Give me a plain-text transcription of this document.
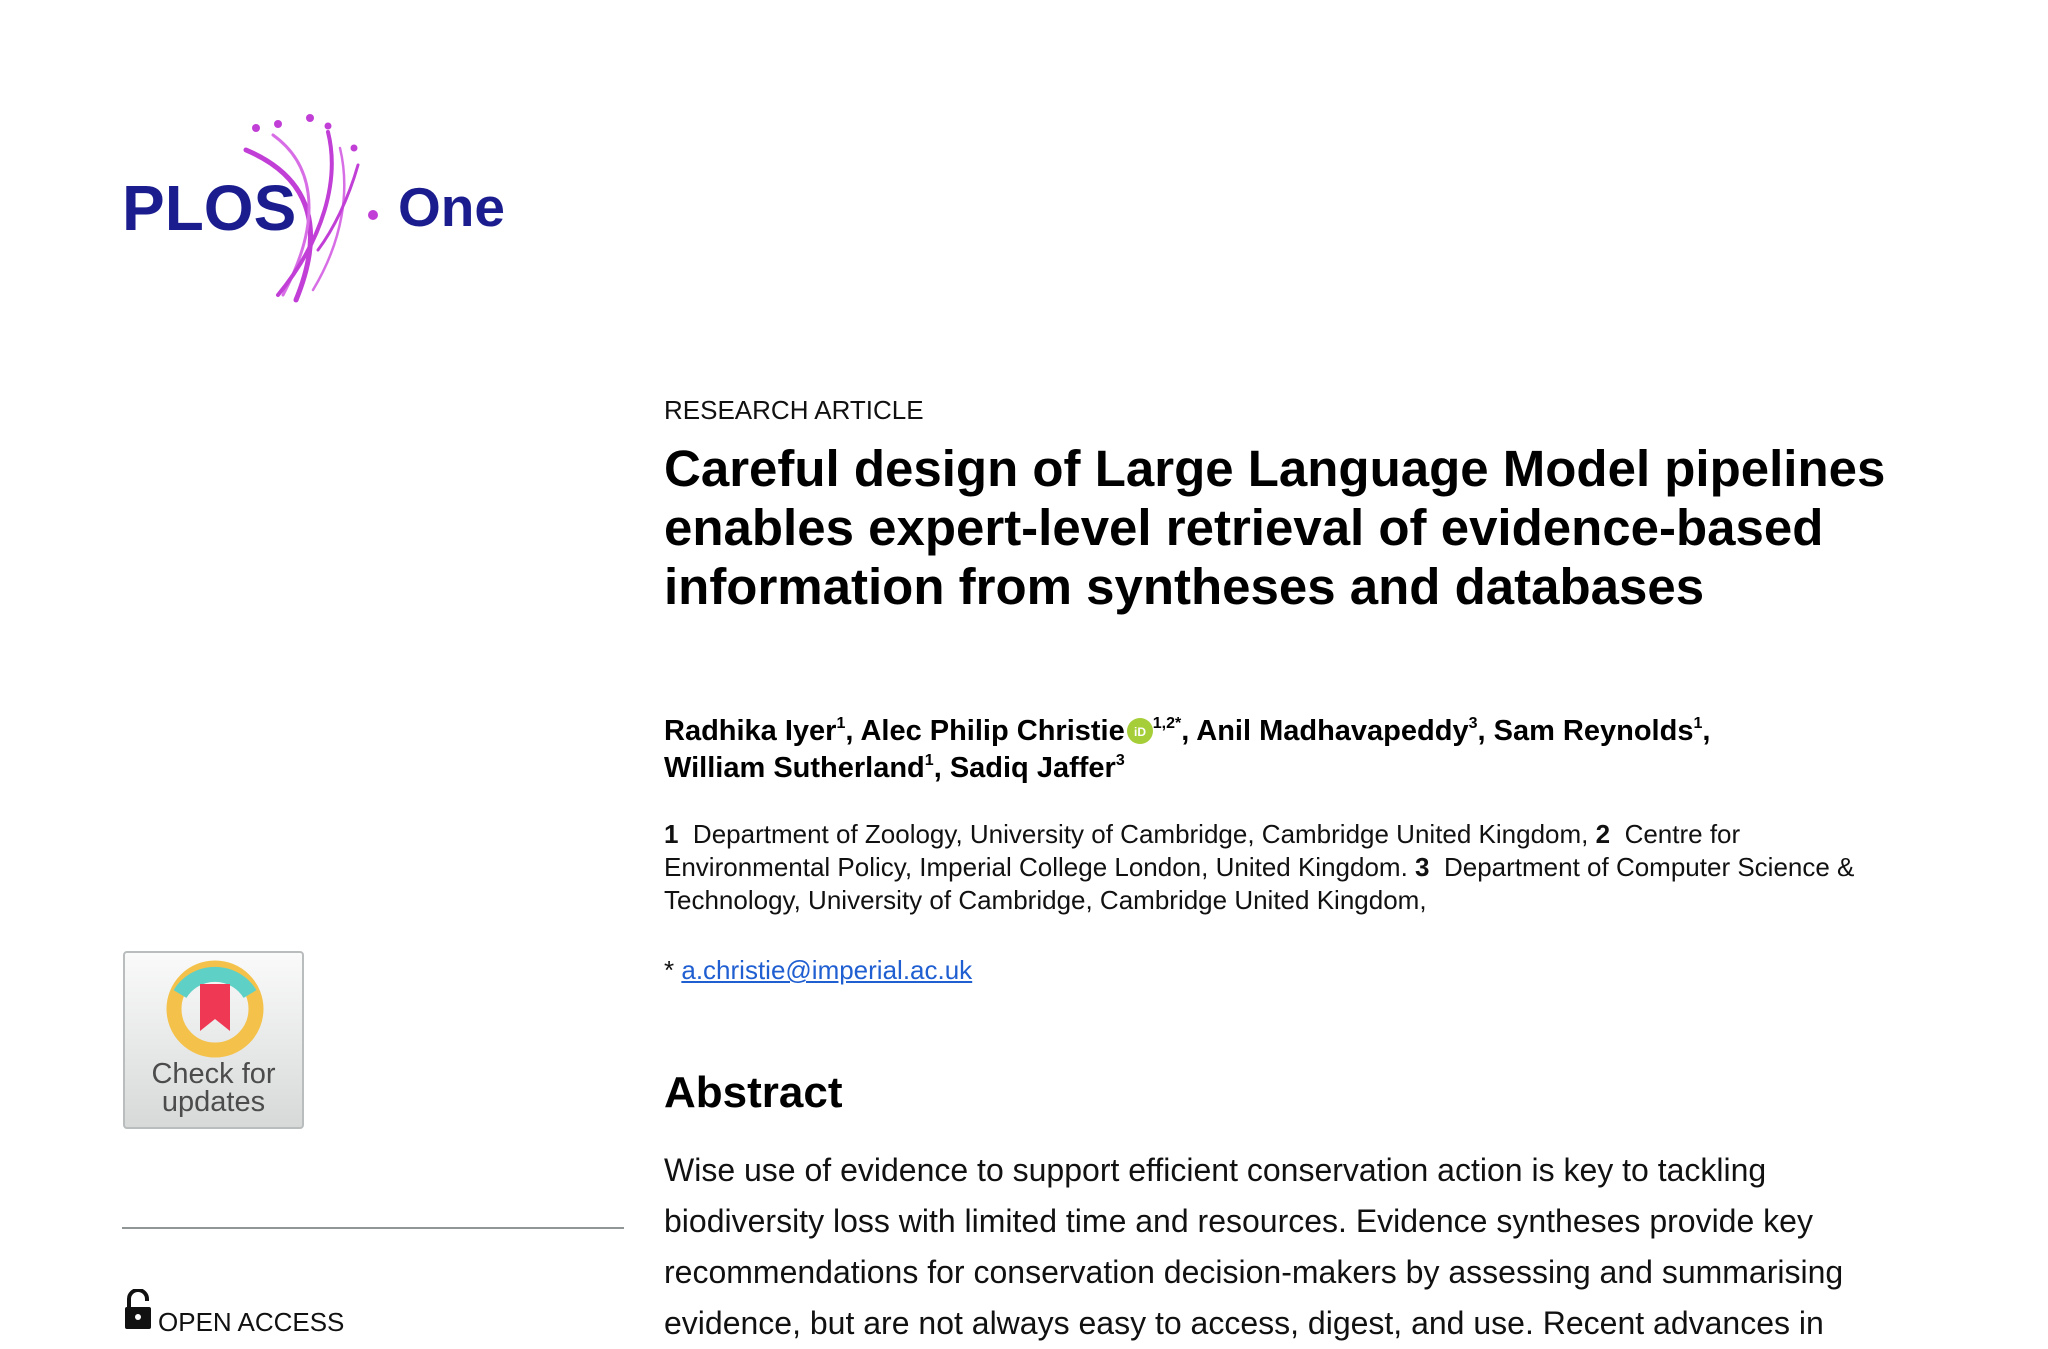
PLOS One
Check for
updates
OPEN ACCESS
RESEARCH ARTICLE
Careful design of Large Language Model pipelines enables expert-level retrieval of evidence-based information from syntheses and databases
Radhika Iyer$^1$, Alec Philip Christie iD $^{1,2*}$, Anil Madhavapeddy$^3$, Sam Reynolds$^1$,
William Sutherland$^1$, Sadiq Jaffer$^3$
1 Department of Zoology, University of Cambridge, Cambridge United Kingdom, 2 Centre for Environmental Policy, Imperial College London, United Kingdom. 3 Department of Computer Science & Technology, University of Cambridge, Cambridge United Kingdom,
* a.christie@imperial.ac.uk
Abstract

Wise use of evidence to support efficient conservation action is key to tackling biodiversity loss with limited time and resources. Evidence syntheses provide key recommendations for conservation decision-makers by assessing and summarising evidence, but are not always easy to access, digest, and use. Recent advances in
